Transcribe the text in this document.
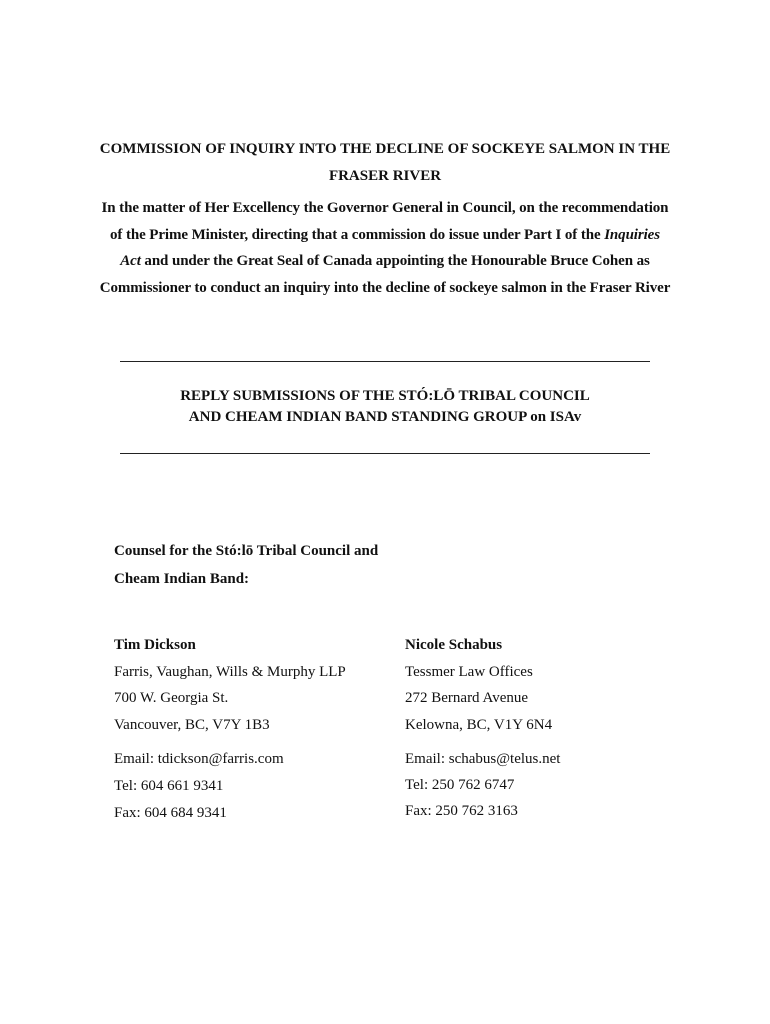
COMMISSION OF INQUIRY INTO THE DECLINE OF SOCKEYE SALMON IN THE
FRASER RIVER
In the matter of Her Excellency the Governor General in Council, on the recommendation
of the Prime Minister, directing that a commission do issue under Part I of the Inquiries
Act and under the Great Seal of Canada appointing the Honourable Bruce Cohen as
Commissioner to conduct an inquiry into the decline of sockeye salmon in the Fraser River
REPLY SUBMISSIONS OF THE STÓ:LŌ TRIBAL COUNCIL
AND CHEAM INDIAN BAND STANDING GROUP on ISAv
Counsel for the Stó:lō Tribal Council and
Cheam Indian Band:
Tim Dickson
Farris, Vaughan, Wills & Murphy LLP
700 W. Georgia St.
Vancouver, BC, V7Y 1B3
Email: tdickson@farris.com
Tel: 604 661 9341
Fax: 604 684 9341
Nicole Schabus
Tessmer Law Offices
272 Bernard Avenue
Kelowna, BC, V1Y 6N4
Email: schabus@telus.net
Tel: 250 762 6747
Fax: 250 762 3163
